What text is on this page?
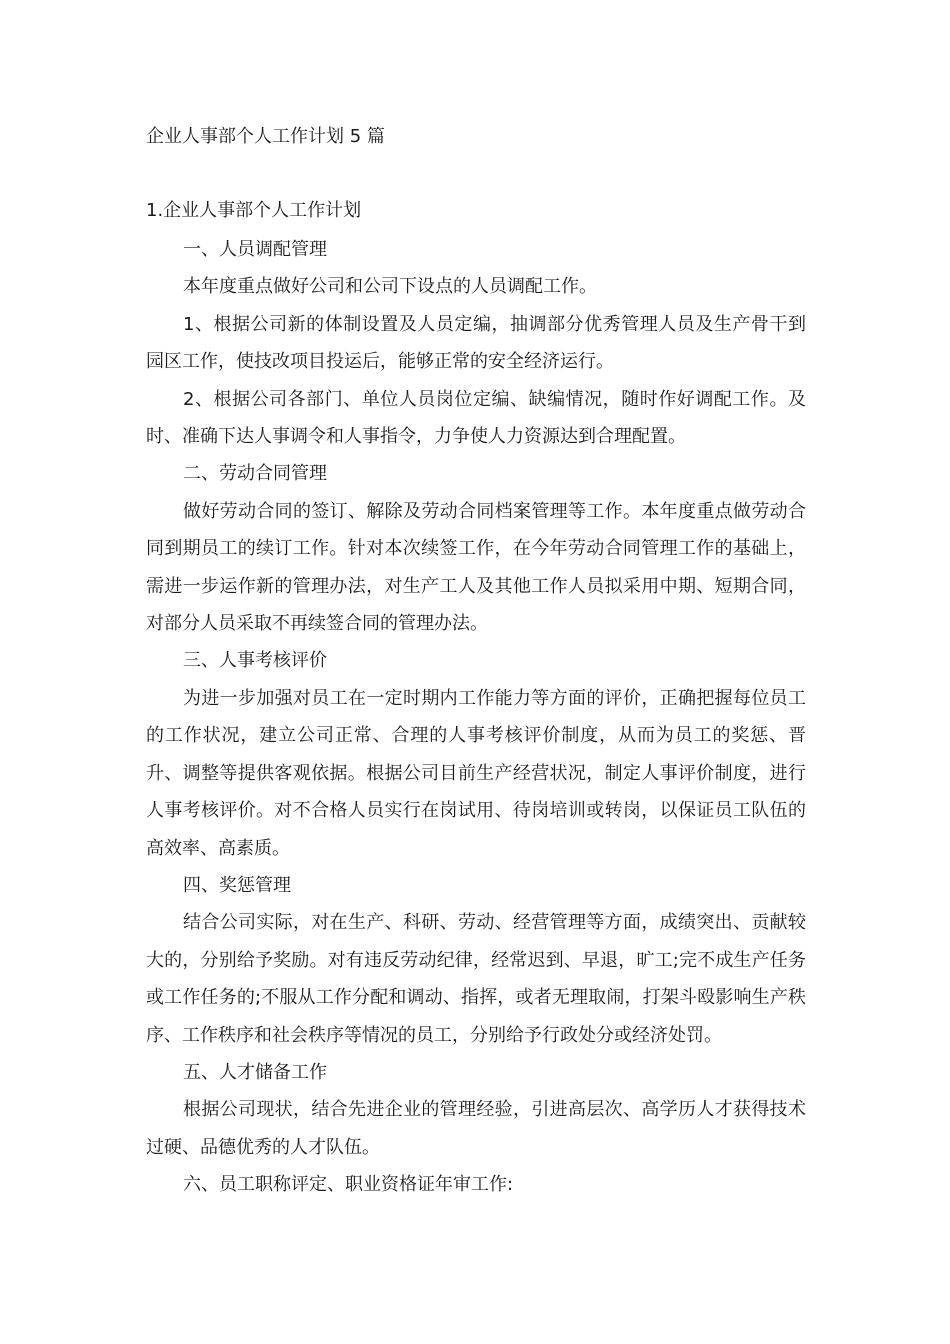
企业人事部个人工作计划 5 篇
1.企业人事部个人工作计划

一、人员调配管理

本年度重点做好公司和公司下设点的人员调配工作。

1、根据公司新的体制设置及人员定编，抽调部分优秀管理人员及生产骨干到园区工作，使技改项目投运后，能够正常的安全经济运行。

2、根据公司各部门、单位人员岗位定编、缺编情况，随时作好调配工作。及时、准确下达人事调令和人事指令，力争使人力资源达到合理配置。

二、劳动合同管理

做好劳动合同的签订、解除及劳动合同档案管理等工作。本年度重点做劳动合同到期员工的续订工作。针对本次续签工作，在今年劳动合同管理工作的基础上，需进一步运作新的管理办法，对生产工人及其他工作人员拟采用中期、短期合同，对部分人员采取不再续签合同的管理办法。

三、人事考核评价

为进一步加强对员工在一定时期内工作能力等方面的评价，正确把握每位员工的工作状况，建立公司正常、合理的人事考核评价制度，从而为员工的奖惩、晋升、调整等提供客观依据。根据公司目前生产经营状况，制定人事评价制度，进行人事考核评价。对不合格人员实行在岗试用、待岗培训或转岗，以保证员工队伍的高效率、高素质。

四、奖惩管理

结合公司实际，对在生产、科研、劳动、经营管理等方面，成绩突出、贡献较大的，分别给予奖励。对有违反劳动纪律，经常迟到、早退，旷工;完不成生产任务或工作任务的;不服从工作分配和调动、指挥，或者无理取闹，打架斗殴影响生产秩序、工作秩序和社会秩序等情况的员工，分别给予行政处分或经济处罚。

五、人才储备工作

根据公司现状，结合先进企业的管理经验，引进高层次、高学历人才获得技术过硬、品德优秀的人才队伍。

六、员工职称评定、职业资格证年审工作:
